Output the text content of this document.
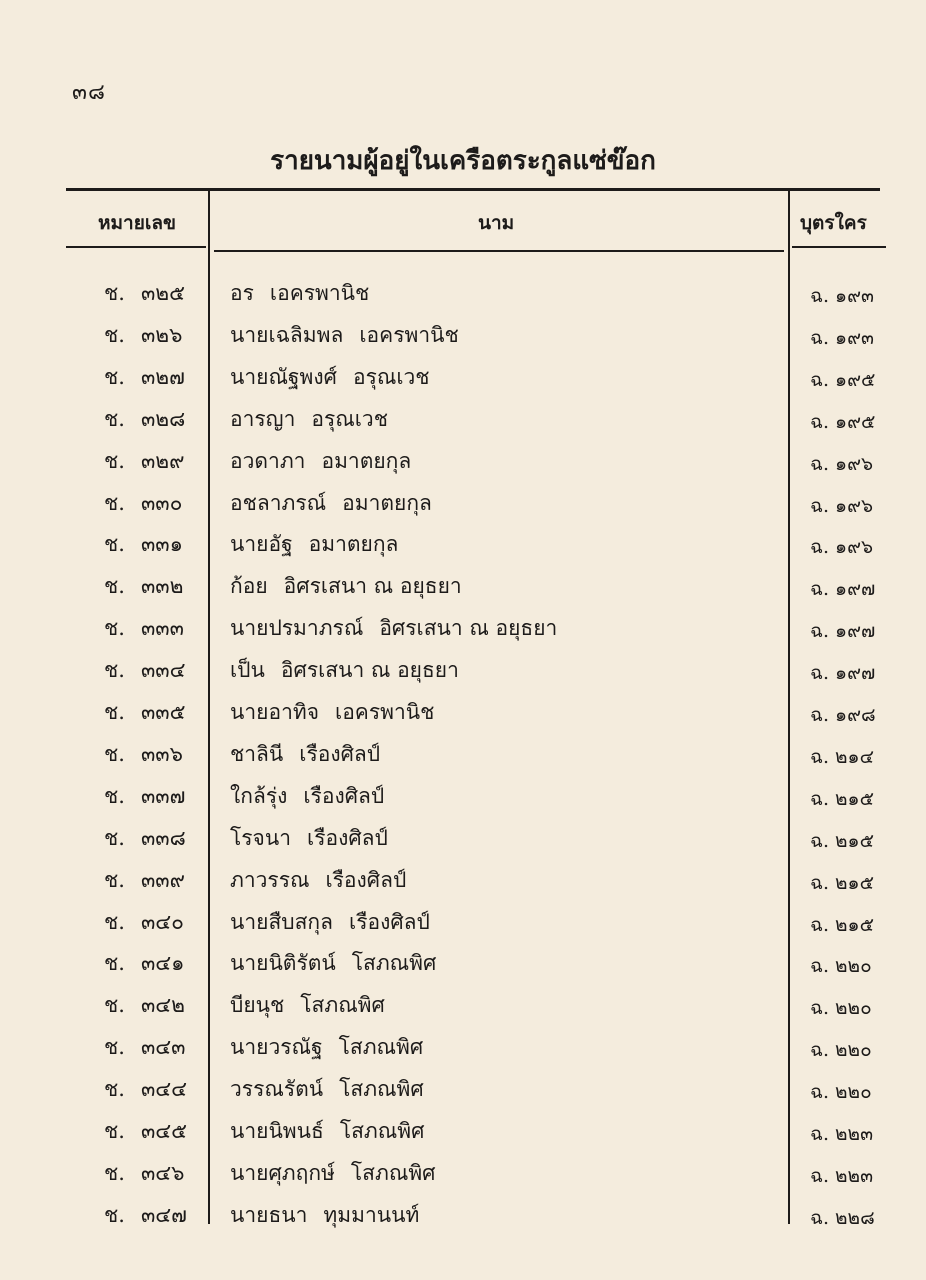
๓๘
รายนามผู้อยู่ในเครือตระกูลแซ่ข๊อก
หมายเลข	นาม	บุตรใคร
ช. ๓๒๕ อร เอครพานิช	ฉ. ๑๙๓
ช. ๓๒๖ นายเฉลิมพล เอครพานิช	ฉ. ๑๙๓
ช. ๓๒๗ นายณัฐพงศ์ อรุณเวช	ฉ. ๑๙๕
ช. ๓๒๘ อารญา อรุณเวช	ฉ. ๑๙๕
ช. ๓๒๙ อวดาภา อมาตยกุล	ฉ. ๑๙๖
ช. ๓๓๐ อชลาภรณ์ อมาตยกุล	ฉ. ๑๙๖
ช. ๓๓๑ นายอัฐ อมาตยกุล	ฉ. ๑๙๖
ช. ๓๓๒ ก้อย อิศรเสนา ณ อยุธยา	ฉ. ๑๙๗
ช. ๓๓๓ นายปรมาภรณ์ อิศรเสนา ณ อยุธยา	ฉ. ๑๙๗
ช. ๓๓๔ เป็น อิศรเสนา ณ อยุธยา	ฉ. ๑๙๗
ช. ๓๓๕ นายอาทิจ เอครพานิช	ฉ. ๑๙๘
ช. ๓๓๖ ชาลินี เรืองศิลป์	ฉ. ๒๑๔
ช. ๓๓๗ ใกล้รุ่ง เรืองศิลป์	ฉ. ๒๑๕
ช. ๓๓๘ โรจนา เรืองศิลป์	ฉ. ๒๑๕
ช. ๓๓๙ ภาวรรณ เรืองศิลป์	ฉ. ๒๑๕
ช. ๓๔๐ นายสืบสกุล เรืองศิลป์	ฉ. ๒๑๕
ช. ๓๔๑ นายนิติรัตน์ โสภณพิศ	ฉ. ๒๒๐
ช. ๓๔๒ บียนุช โสภณพิศ	ฉ. ๒๒๐
ช. ๓๔๓ นายวรณัฐ โสภณพิศ	ฉ. ๒๒๐
ช. ๓๔๔ วรรณรัตน์ โสภณพิศ	ฉ. ๒๒๐
ช. ๓๔๕ นายนิพนธ์ โสภณพิศ	ฉ. ๒๒๓
ช. ๓๔๖ นายศุภฤกษ์ โสภณพิศ	ฉ. ๒๒๓
ช. ๓๔๗ นายธนา ทุมมานนท์	ฉ. ๒๒๘
